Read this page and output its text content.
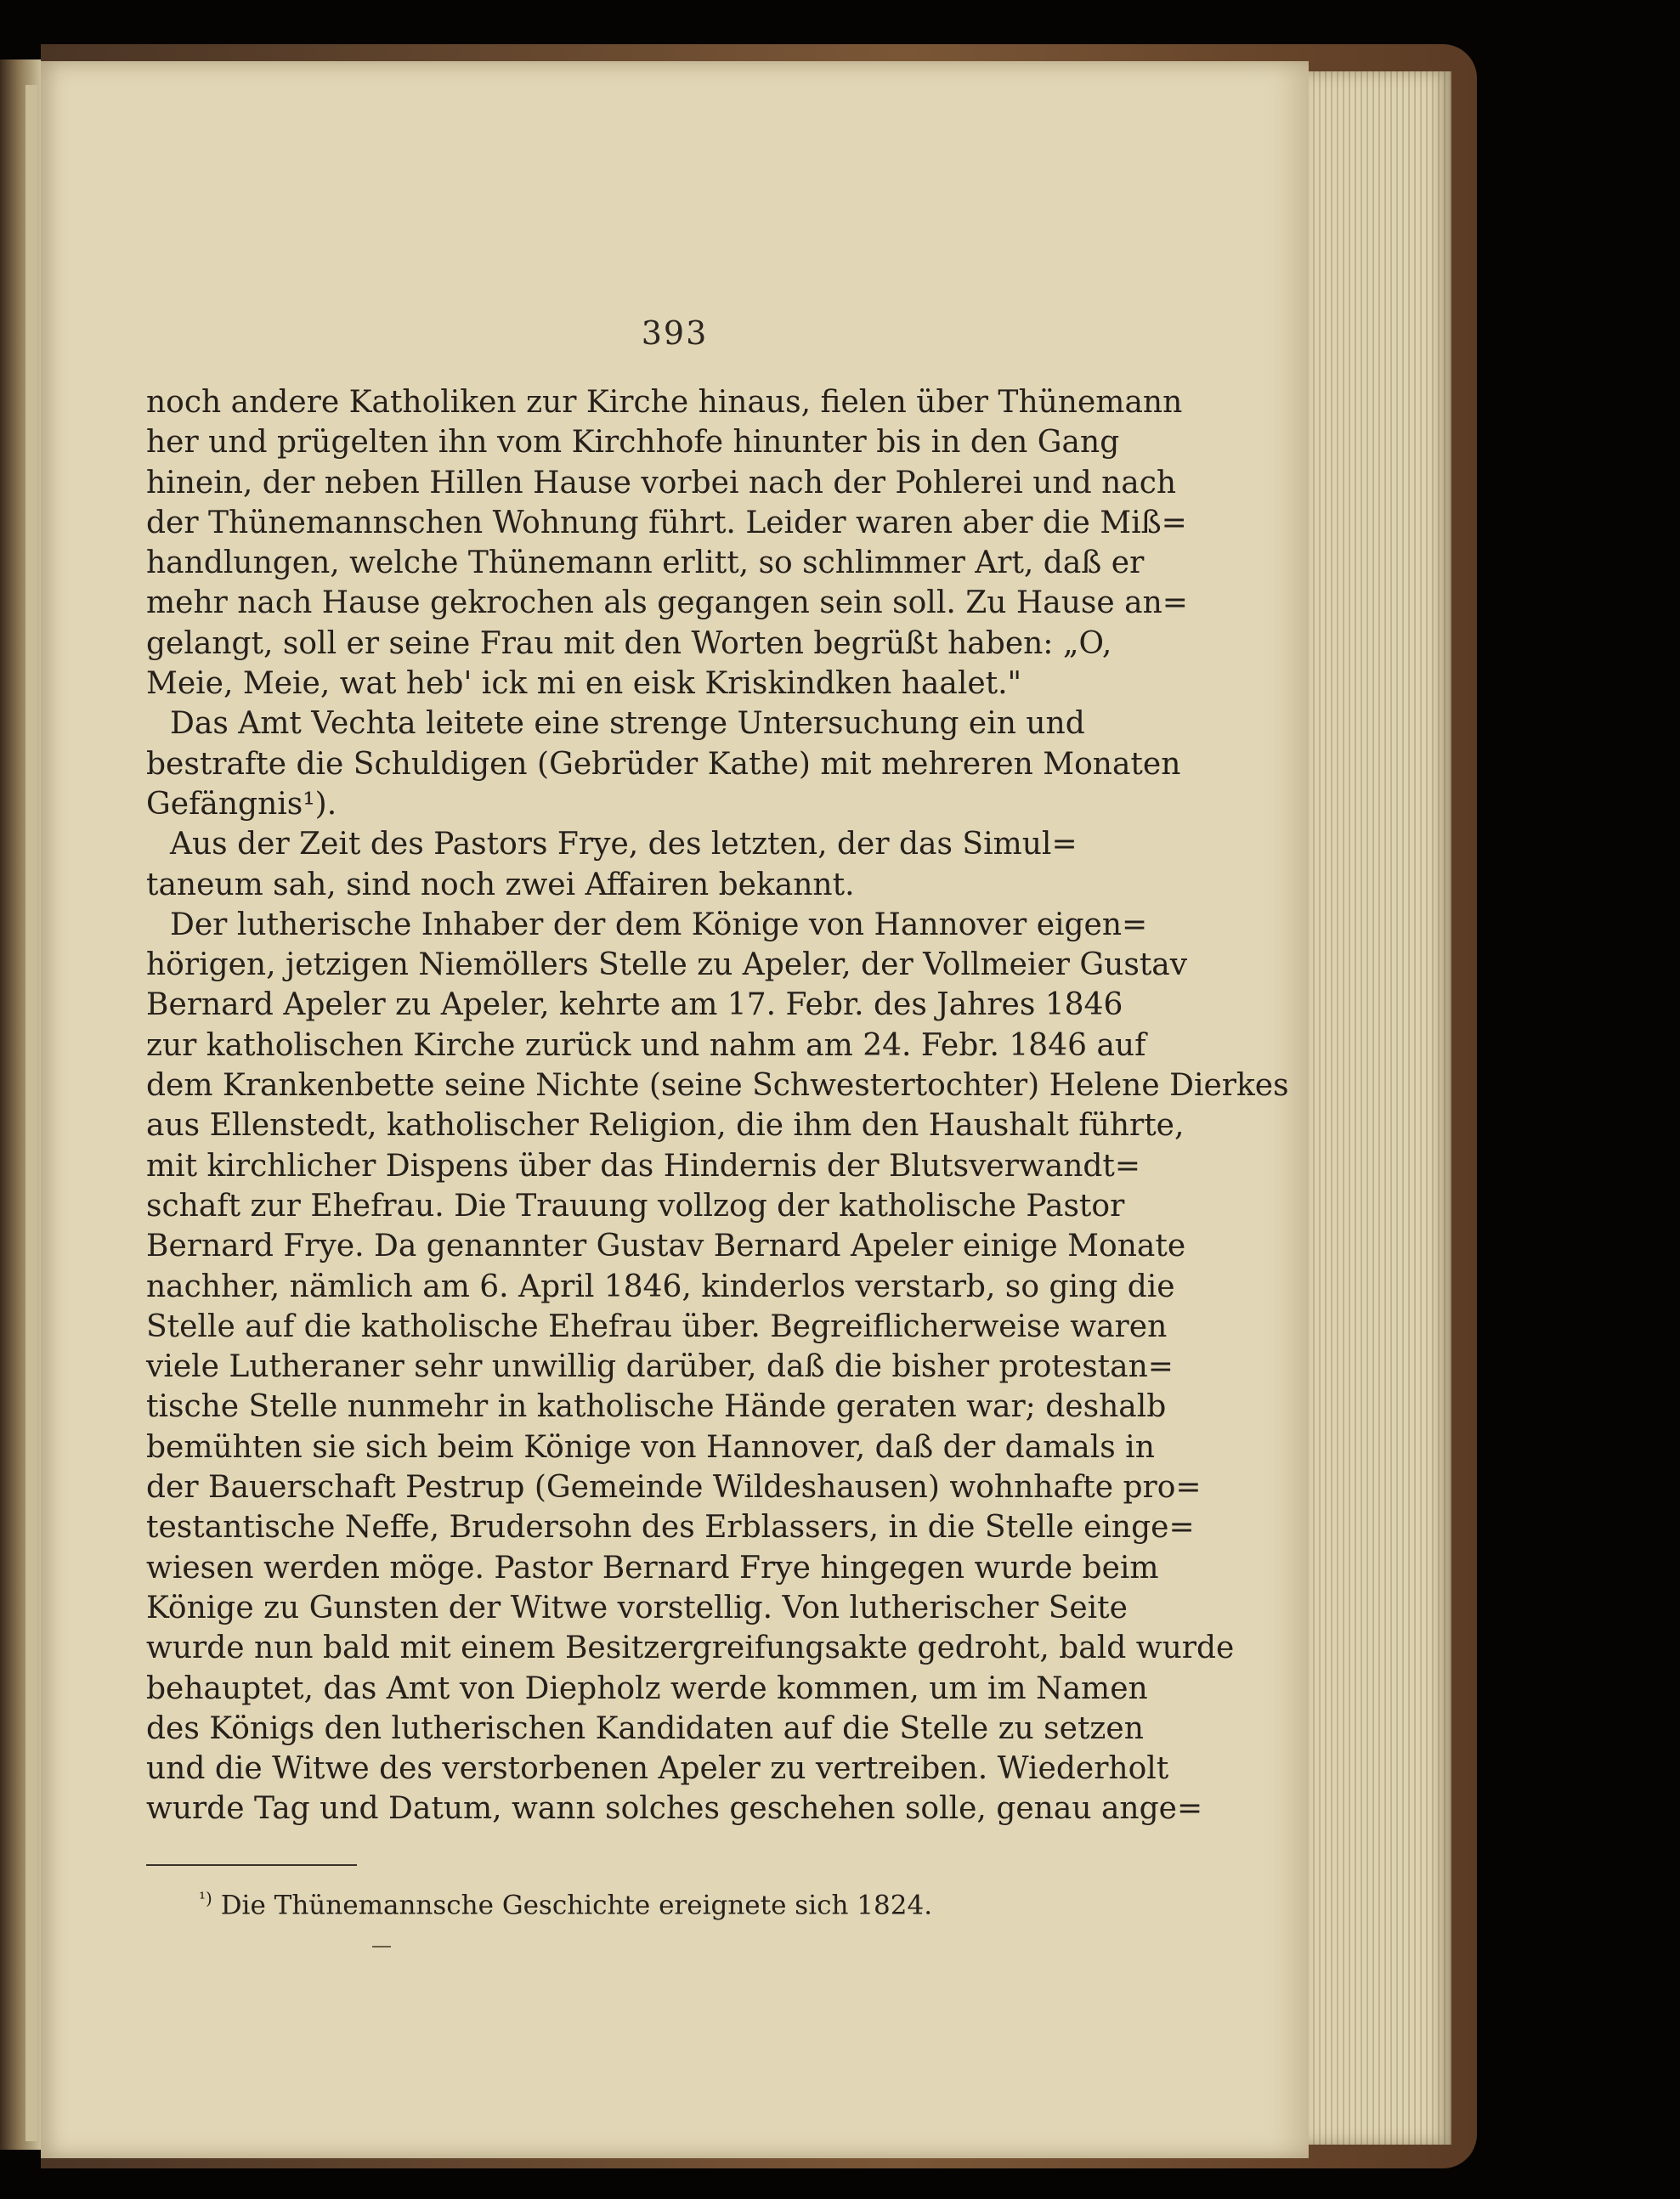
393
noch andere Katholiken zur Kirche hinaus, fielen über Thünemann
her und prügelten ihn vom Kirchhofe hinunter bis in den Gang
hinein, der neben Hillen Hause vorbei nach der Pohlerei und nach
der Thünemannschen Wohnung führt. Leider waren aber die Miß=
handlungen, welche Thünemann erlitt, so schlimmer Art, daß er
mehr nach Hause gekrochen als gegangen sein soll. Zu Hause an=
gelangt, soll er seine Frau mit den Worten begrüßt haben: „O,
Meie, Meie, wat heb' ick mi en eisk Kriskindken haalet."
Das Amt Vechta leitete eine strenge Untersuchung ein und
bestrafte die Schuldigen (Gebrüder Kathe) mit mehreren Monaten
Gefängnis¹).
Aus der Zeit des Pastors Frye, des letzten, der das Simul=
taneum sah, sind noch zwei Affairen bekannt.
Der lutherische Inhaber der dem Könige von Hannover eigen=
hörigen, jetzigen Niemöllers Stelle zu Apeler, der Vollmeier Gustav
Bernard Apeler zu Apeler, kehrte am 17. Febr. des Jahres 1846
zur katholischen Kirche zurück und nahm am 24. Febr. 1846 auf
dem Krankenbette seine Nichte (seine Schwestertochter) Helene Dierkes
aus Ellenstedt, katholischer Religion, die ihm den Haushalt führte,
mit kirchlicher Dispens über das Hindernis der Blutsverwandt=
schaft zur Ehefrau. Die Trauung vollzog der katholische Pastor
Bernard Frye. Da genannter Gustav Bernard Apeler einige Monate
nachher, nämlich am 6. April 1846, kinderlos verstarb, so ging die
Stelle auf die katholische Ehefrau über. Begreiflicherweise waren
viele Lutheraner sehr unwillig darüber, daß die bisher protestan=
tische Stelle nunmehr in katholische Hände geraten war; deshalb
bemühten sie sich beim Könige von Hannover, daß der damals in
der Bauerschaft Pestrup (Gemeinde Wildeshausen) wohnhafte pro=
testantische Neffe, Brudersohn des Erblassers, in die Stelle einge=
wiesen werden möge. Pastor Bernard Frye hingegen wurde beim
Könige zu Gunsten der Witwe vorstellig. Von lutherischer Seite
wurde nun bald mit einem Besitzergreifungsakte gedroht, bald wurde
behauptet, das Amt von Diepholz werde kommen, um im Namen
des Königs den lutherischen Kandidaten auf die Stelle zu setzen
und die Witwe des verstorbenen Apeler zu vertreiben. Wiederholt
wurde Tag und Datum, wann solches geschehen solle, genau ange=
$^{^1)}$ Die Thünemannsche Geschichte ereignete sich 1824.
